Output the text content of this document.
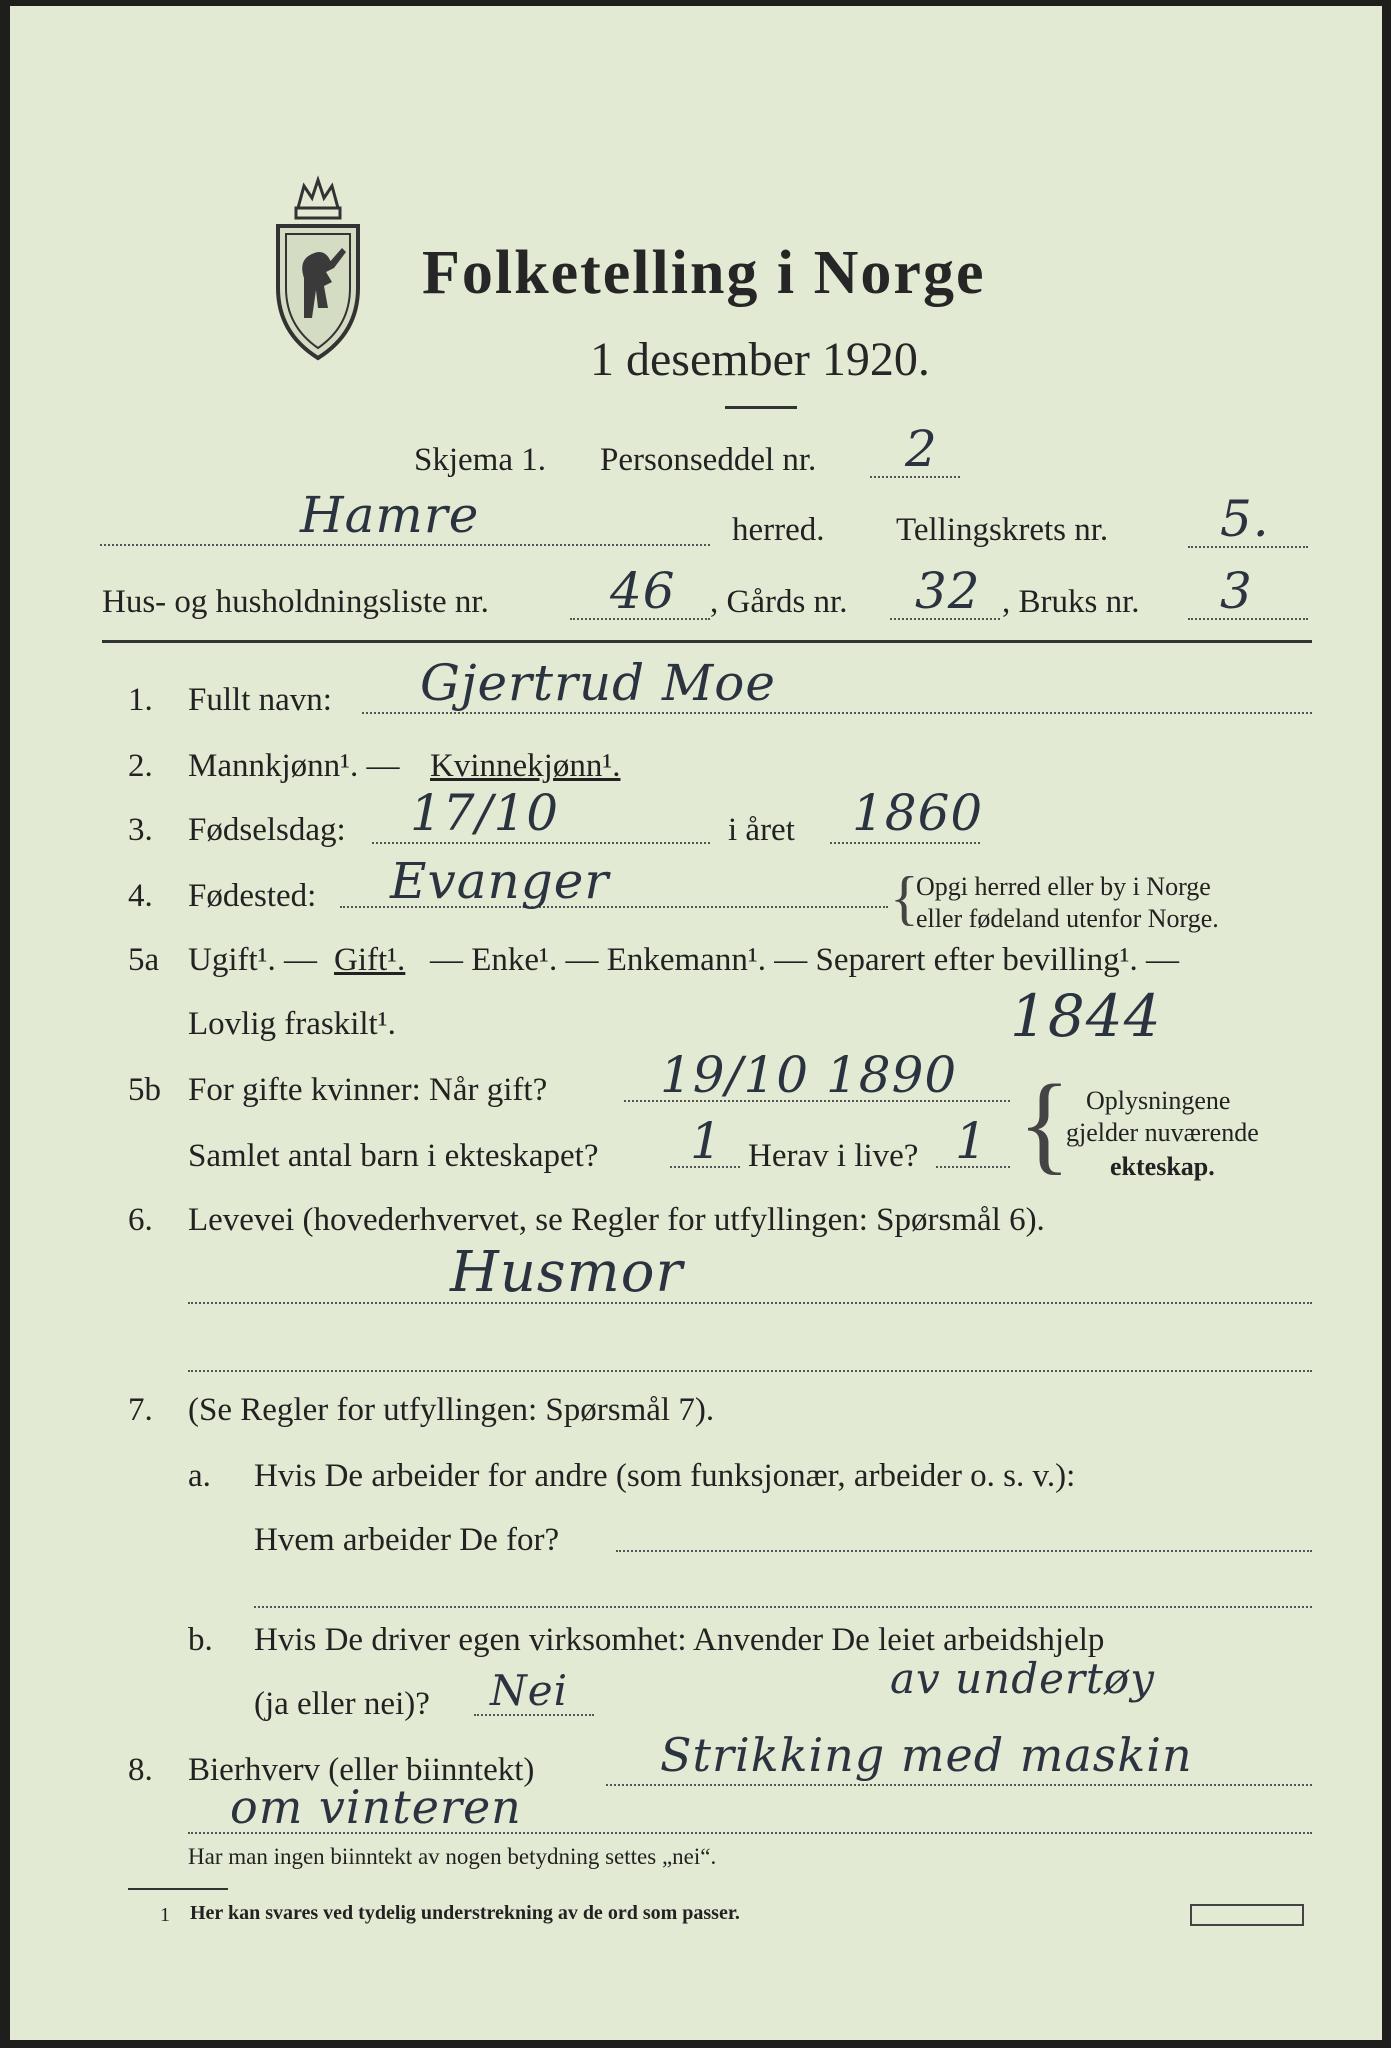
Folketelling i Norge
1 desember 1920.
Skjema 1. Personseddel nr. 2
Hamre	herred. Tellingskrets nr. 5.
Hus- og husholdningsliste nr. 46 , Gårds nr. 32 , Bruks nr. 3
1. Fullt navn: Gjertrud Moe
2. Mannkjønn¹. — Kvinnekjønn¹.
3. Fødselsdag: 17/10	i året 1860
4. Fødested: Evanger	{
Opgi herred eller by i Norge
eller fødeland utenfor Norge.
5a Ugift¹. — Gift¹. — Enke¹. — Enkemann¹. — Separert efter bevilling¹. —
Lovlig fraskilt¹.	1844
5b For gifte kvinner: Når gift? 19/10 1890
Samlet antal barn i ekteskapet? 1 Herav i live? 1 { Oplysningene
gjelder nuværende
ekteskap.
6. Levevei (hovederhvervet, se Regler for utfyllingen: Spørsmål 6).
Husmor
7. (Se Regler for utfyllingen: Spørsmål 7).
a. Hvis De arbeider for andre (som funksjonær, arbeider o. s. v.):
Hvem arbeider De for?
b. Hvis De driver egen virksomhet: Anvender De leiet arbeidshjelp
(ja eller nei)? Nei	av undertøy
8. Bierhverv (eller biinntekt)	Strikking med maskin
om vinteren
Har man ingen biinntekt av nogen betydning settes „nei“.
1 Her kan svares ved tydelig understrekning av de ord som passer.
